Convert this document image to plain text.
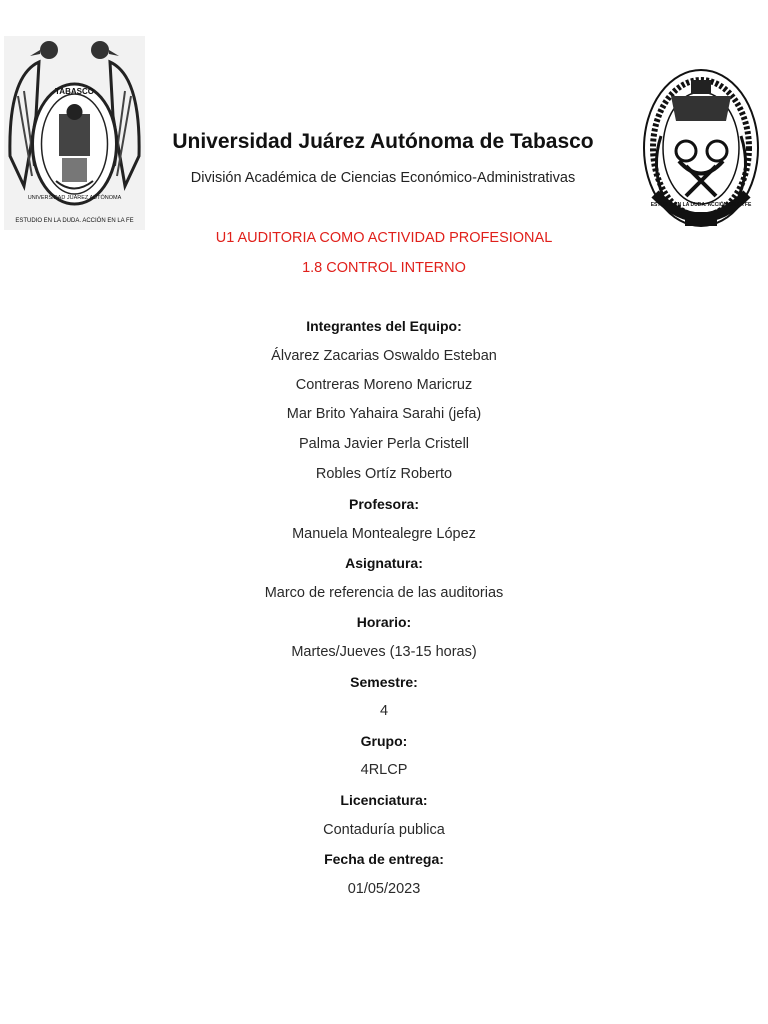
TABASCO
UNIVERSIDAD JUÁREZ AUTÓNOMA
ESTUDIO EN LA DUDA. ACCIÓN EN LA FE
ESTUDIO EN LA DUDA. ACCIÓN EN LA FE
Universidad Juárez Autónoma de Tabasco
División Académica de Ciencias Económico-Administrativas
U1 AUDITORIA COMO ACTIVIDAD PROFESIONAL
1.8 CONTROL INTERNO
Integrantes del Equipo:
Álvarez Zacarias Oswaldo Esteban
Contreras Moreno Maricruz
Mar Brito Yahaira Sarahi (jefa)
Palma Javier Perla Cristell
Robles Ortíz Roberto
Profesora:
Manuela Montealegre López
Asignatura:
Marco de referencia de las auditorias
Horario:
Martes/Jueves (13-15 horas)
Semestre:
4
Grupo:
4RLCP
Licenciatura:
Contaduría publica
Fecha de entrega:
01/05/2023
